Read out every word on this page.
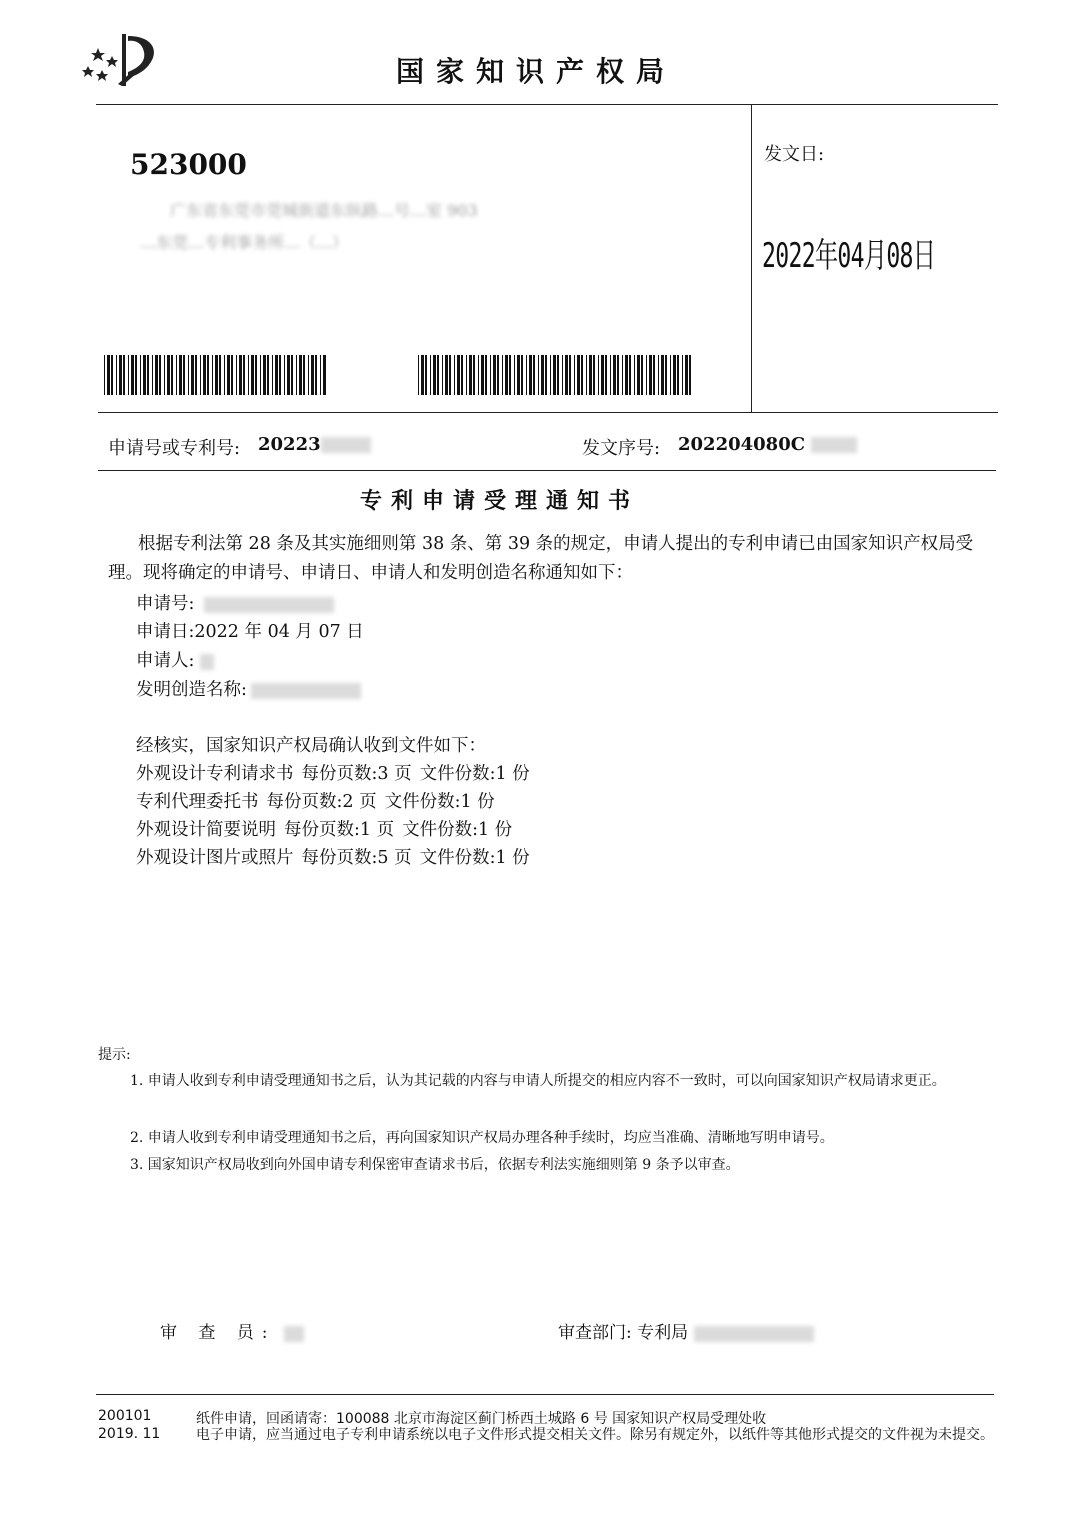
国家知识产权局
523000
广东省东莞市莞城街道东纵路…号…室 903
…东莞…专利事务所…（…）
发文日:
2022年04月08日
申请号或专利号: 20223	发文序号: 202204080C
专利申请受理通知书

根据专利法第 28 条及其实施细则第 38 条、第 39 条的规定，申请人提出的专利申请已由国家知识产权局受理。现将确定的申请号、申请日、申请人和发明创造名称通知如下：

申请号:
申请日:2022 年 04 月 07 日
申请人:
发明创造名称:
经核实，国家知识产权局确认收到文件如下：
外观设计专利请求书 每份页数:3 页 文件份数:1 份
专利代理委托书 每份页数:2 页 文件份数:1 份
外观设计简要说明 每份页数:1 页 文件份数:1 份
外观设计图片或照片 每份页数:5 页 文件份数:1 份
提示:
1. 申请人收到专利申请受理通知书之后，认为其记载的内容与申请人所提交的相应内容不一致时，可以向国家知识产权局请求更正。
2. 申请人收到专利申请受理通知书之后，再向国家知识产权局办理各种手续时，均应当准确、清晰地写明申请号。
3. 国家知识产权局收到向外国申请专利保密审查请求书后，依据专利法实施细则第 9 条予以审查。
审 查 员:	审查部门: 专利局
200101
2019. 11
纸件申请，回函请寄：100088 北京市海淀区蓟门桥西土城路 6 号 国家知识产权局受理处收
电子申请，应当通过电子专利申请系统以电子文件形式提交相关文件。除另有规定外，以纸件等其他形式提交的文件视为未提交。
